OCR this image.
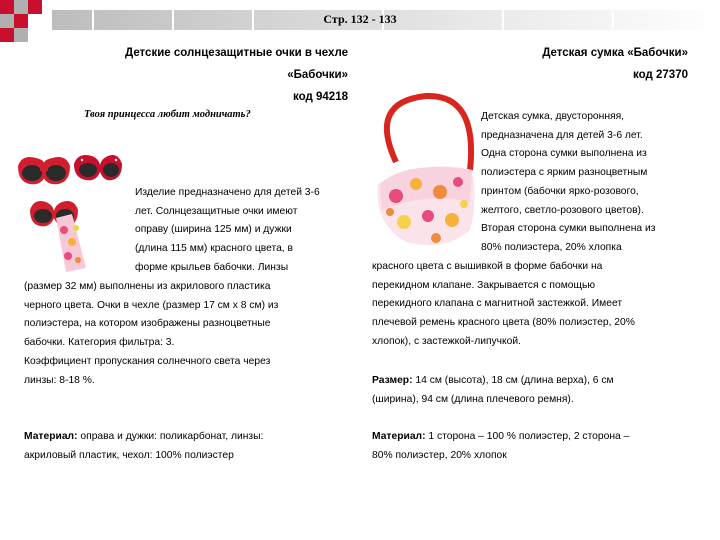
Стр. 132 - 133
Детские солнцезащитные очки в чехле
«Бабочки»
код 94218
Твоя принцесса любит модничать?
Изделие предназначено для детей 3-6
лет. Солнцезащитные очки имеют
оправу (ширина 125 мм) и дужки
(длина 115 мм) красного цвета, в
форме крыльев бабочки. Линзы
(размер 32 мм) выполнены из акрилового пластика
черного цвета. Очки в чехле (размер 17 см х 8 см) из
полиэстера, на котором изображены разноцветные
бабочки. Категория фильтра: 3.
Коэффициент пропускания солнечного света через
линзы: 8-18 %.
Материал: оправа и дужки: поликарбонат, линзы:
акриловый пластик, чехол: 100% полиэстер
Детская сумка «Бабочки»
код 27370
Детская сумка, двусторонняя,
предназначена для детей 3-6 лет.
Одна сторона сумки выполнена из
полиэстера с ярким разноцветным
принтом (бабочки ярко-розового,
желтого, светло-розового цветов).
Вторая сторона сумки выполнена из
80% полиэстера, 20% хлопка
красного цвета с вышивкой в форме бабочки на
перекидном клапане. Закрывается с помощью
перекидного клапана с магнитной застежкой. Имеет
плечевой ремень красного цвета (80% полиэстер, 20%
хлопок), с застежкой-липучкой.
Размер: 14 см (высота), 18 см (длина верха), 6 см
(ширина), 94 см (длина плечевого ремня).
Материал: 1 сторона – 100 % полиэстер, 2 сторона –
80% полиэстер, 20% хлопок
